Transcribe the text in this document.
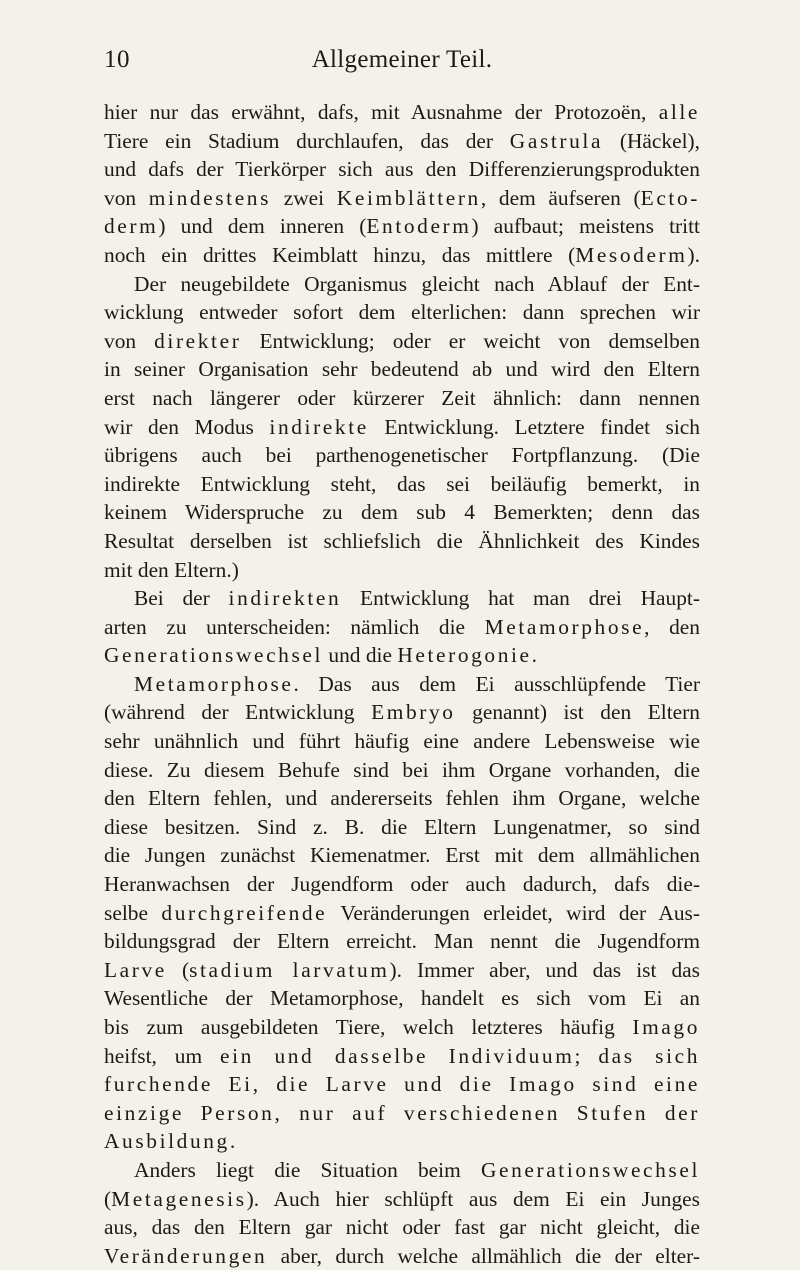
10	Allgemeiner Teil.
hier nur das erwähnt, dafs, mit Ausnahme der Protozoën, alle
Tiere ein Stadium durchlaufen, das der Gastrula (Häckel),
und dafs der Tierkörper sich aus den Differenzierungsprodukten
von mindestens zwei Keimblättern, dem äufseren (Ecto-
derm) und dem inneren (Entoderm) aufbaut; meistens tritt
noch ein drittes Keimblatt hinzu, das mittlere (Mesoderm).
Der neugebildete Organismus gleicht nach Ablauf der Ent-
wicklung entweder sofort dem elterlichen: dann sprechen wir
von direkter Entwicklung; oder er weicht von demselben
in seiner Organisation sehr bedeutend ab und wird den Eltern
erst nach längerer oder kürzerer Zeit ähnlich: dann nennen
wir den Modus indirekte Entwicklung. Letztere findet sich
übrigens auch bei parthenogenetischer Fortpflanzung. (Die
indirekte Entwicklung steht, das sei beiläufig bemerkt, in
keinem Widerspruche zu dem sub 4 Bemerkten; denn das
Resultat derselben ist schliefslich die Ähnlichkeit des Kindes
mit den Eltern.)
Bei der indirekten Entwicklung hat man drei Haupt-
arten zu unterscheiden: nämlich die Metamorphose, den
Generationswechsel und die Heterogonie.
Metamorphose. Das aus dem Ei ausschlüpfende Tier
(während der Entwicklung Embryo genannt) ist den Eltern
sehr unähnlich und führt häufig eine andere Lebensweise wie
diese. Zu diesem Behufe sind bei ihm Organe vorhanden, die
den Eltern fehlen, und andererseits fehlen ihm Organe, welche
diese besitzen. Sind z. B. die Eltern Lungenatmer, so sind
die Jungen zunächst Kiemenatmer. Erst mit dem allmählichen
Heranwachsen der Jugendform oder auch dadurch, dafs die-
selbe durchgreifende Veränderungen erleidet, wird der Aus-
bildungsgrad der Eltern erreicht. Man nennt die Jugendform
Larve (stadium larvatum). Immer aber, und das ist das
Wesentliche der Metamorphose, handelt es sich vom Ei an
bis zum ausgebildeten Tiere, welch letzteres häufig Imago
heifst, um ein und dasselbe Individuum; das sich
furchende Ei, die Larve und die Imago sind eine
einzige Person, nur auf verschiedenen Stufen der
Ausbildung.
Anders liegt die Situation beim Generationswechsel
(Metagenesis). Auch hier schlüpft aus dem Ei ein Junges
aus, das den Eltern gar nicht oder fast gar nicht gleicht, die
Veränderungen aber, durch welche allmählich die der elter-
